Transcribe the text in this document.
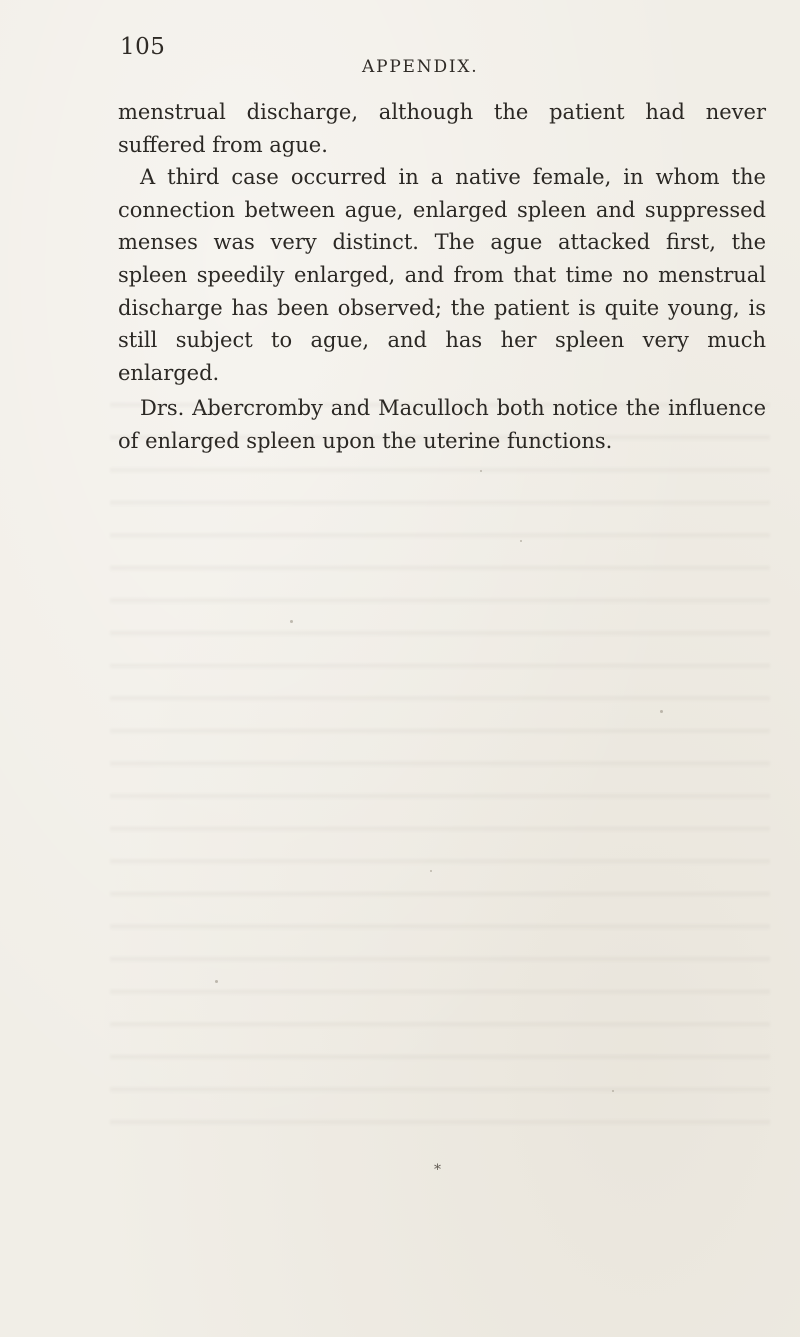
105
APPENDIX.

menstrual discharge, although the patient had never suffered from ague.

A third case occurred in a native female, in whom the connection between ague, enlarged spleen and suppressed menses was very distinct. The ague attacked first, the spleen speedily enlarged, and from that time no menstrual discharge has been observed; the patient is quite young, is still subject to ague, and has her spleen very much enlarged.

Drs. Abercromby and Maculloch both notice the influence of enlarged spleen upon the uterine functions.

*
